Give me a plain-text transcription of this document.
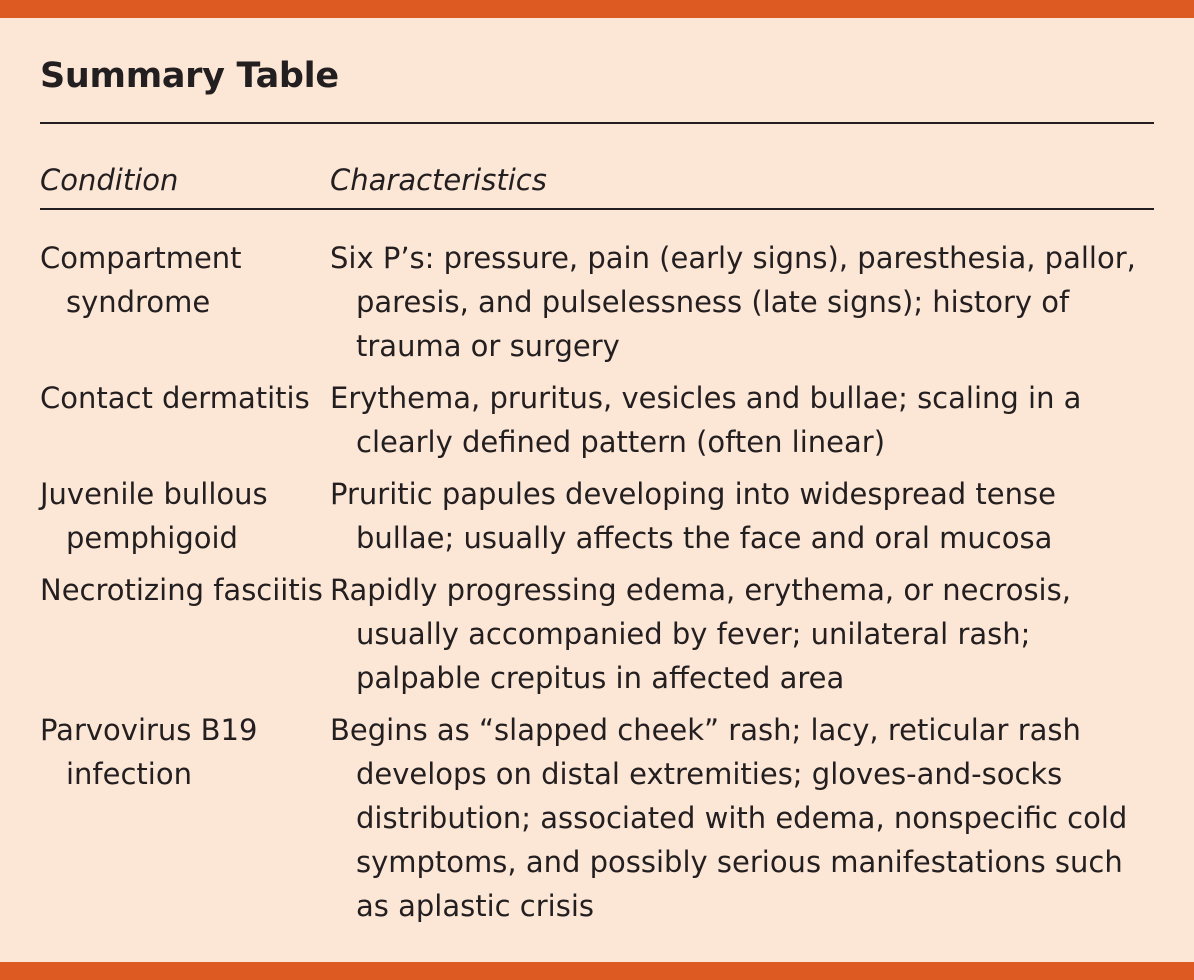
Summary Table
Condition	Characteristics
Compartment syndrome
Six P’s: pressure, pain (early signs), paresthesia, pallor, paresis, and pulselessness (late signs); history of trauma or surgery
Contact dermatitis Erythema, pruritus, vesicles and bullae; scaling in a clearly defined pattern (often linear)
Juvenile bullous pemphigoid
Pruritic papules developing into widespread tense bullae; usually affects the face and oral mucosa
Necrotizing fasciitis Rapidly progressing edema, erythema, or necrosis, usually accompanied by fever; unilateral rash; palpable crepitus in affected area
Parvovirus B19 infection
Begins as “slapped cheek” rash; lacy, reticular rash develops on distal extremities; gloves-and-socks distribution; associated with edema, nonspecific cold symptoms, and possibly serious manifestations such as aplastic crisis
